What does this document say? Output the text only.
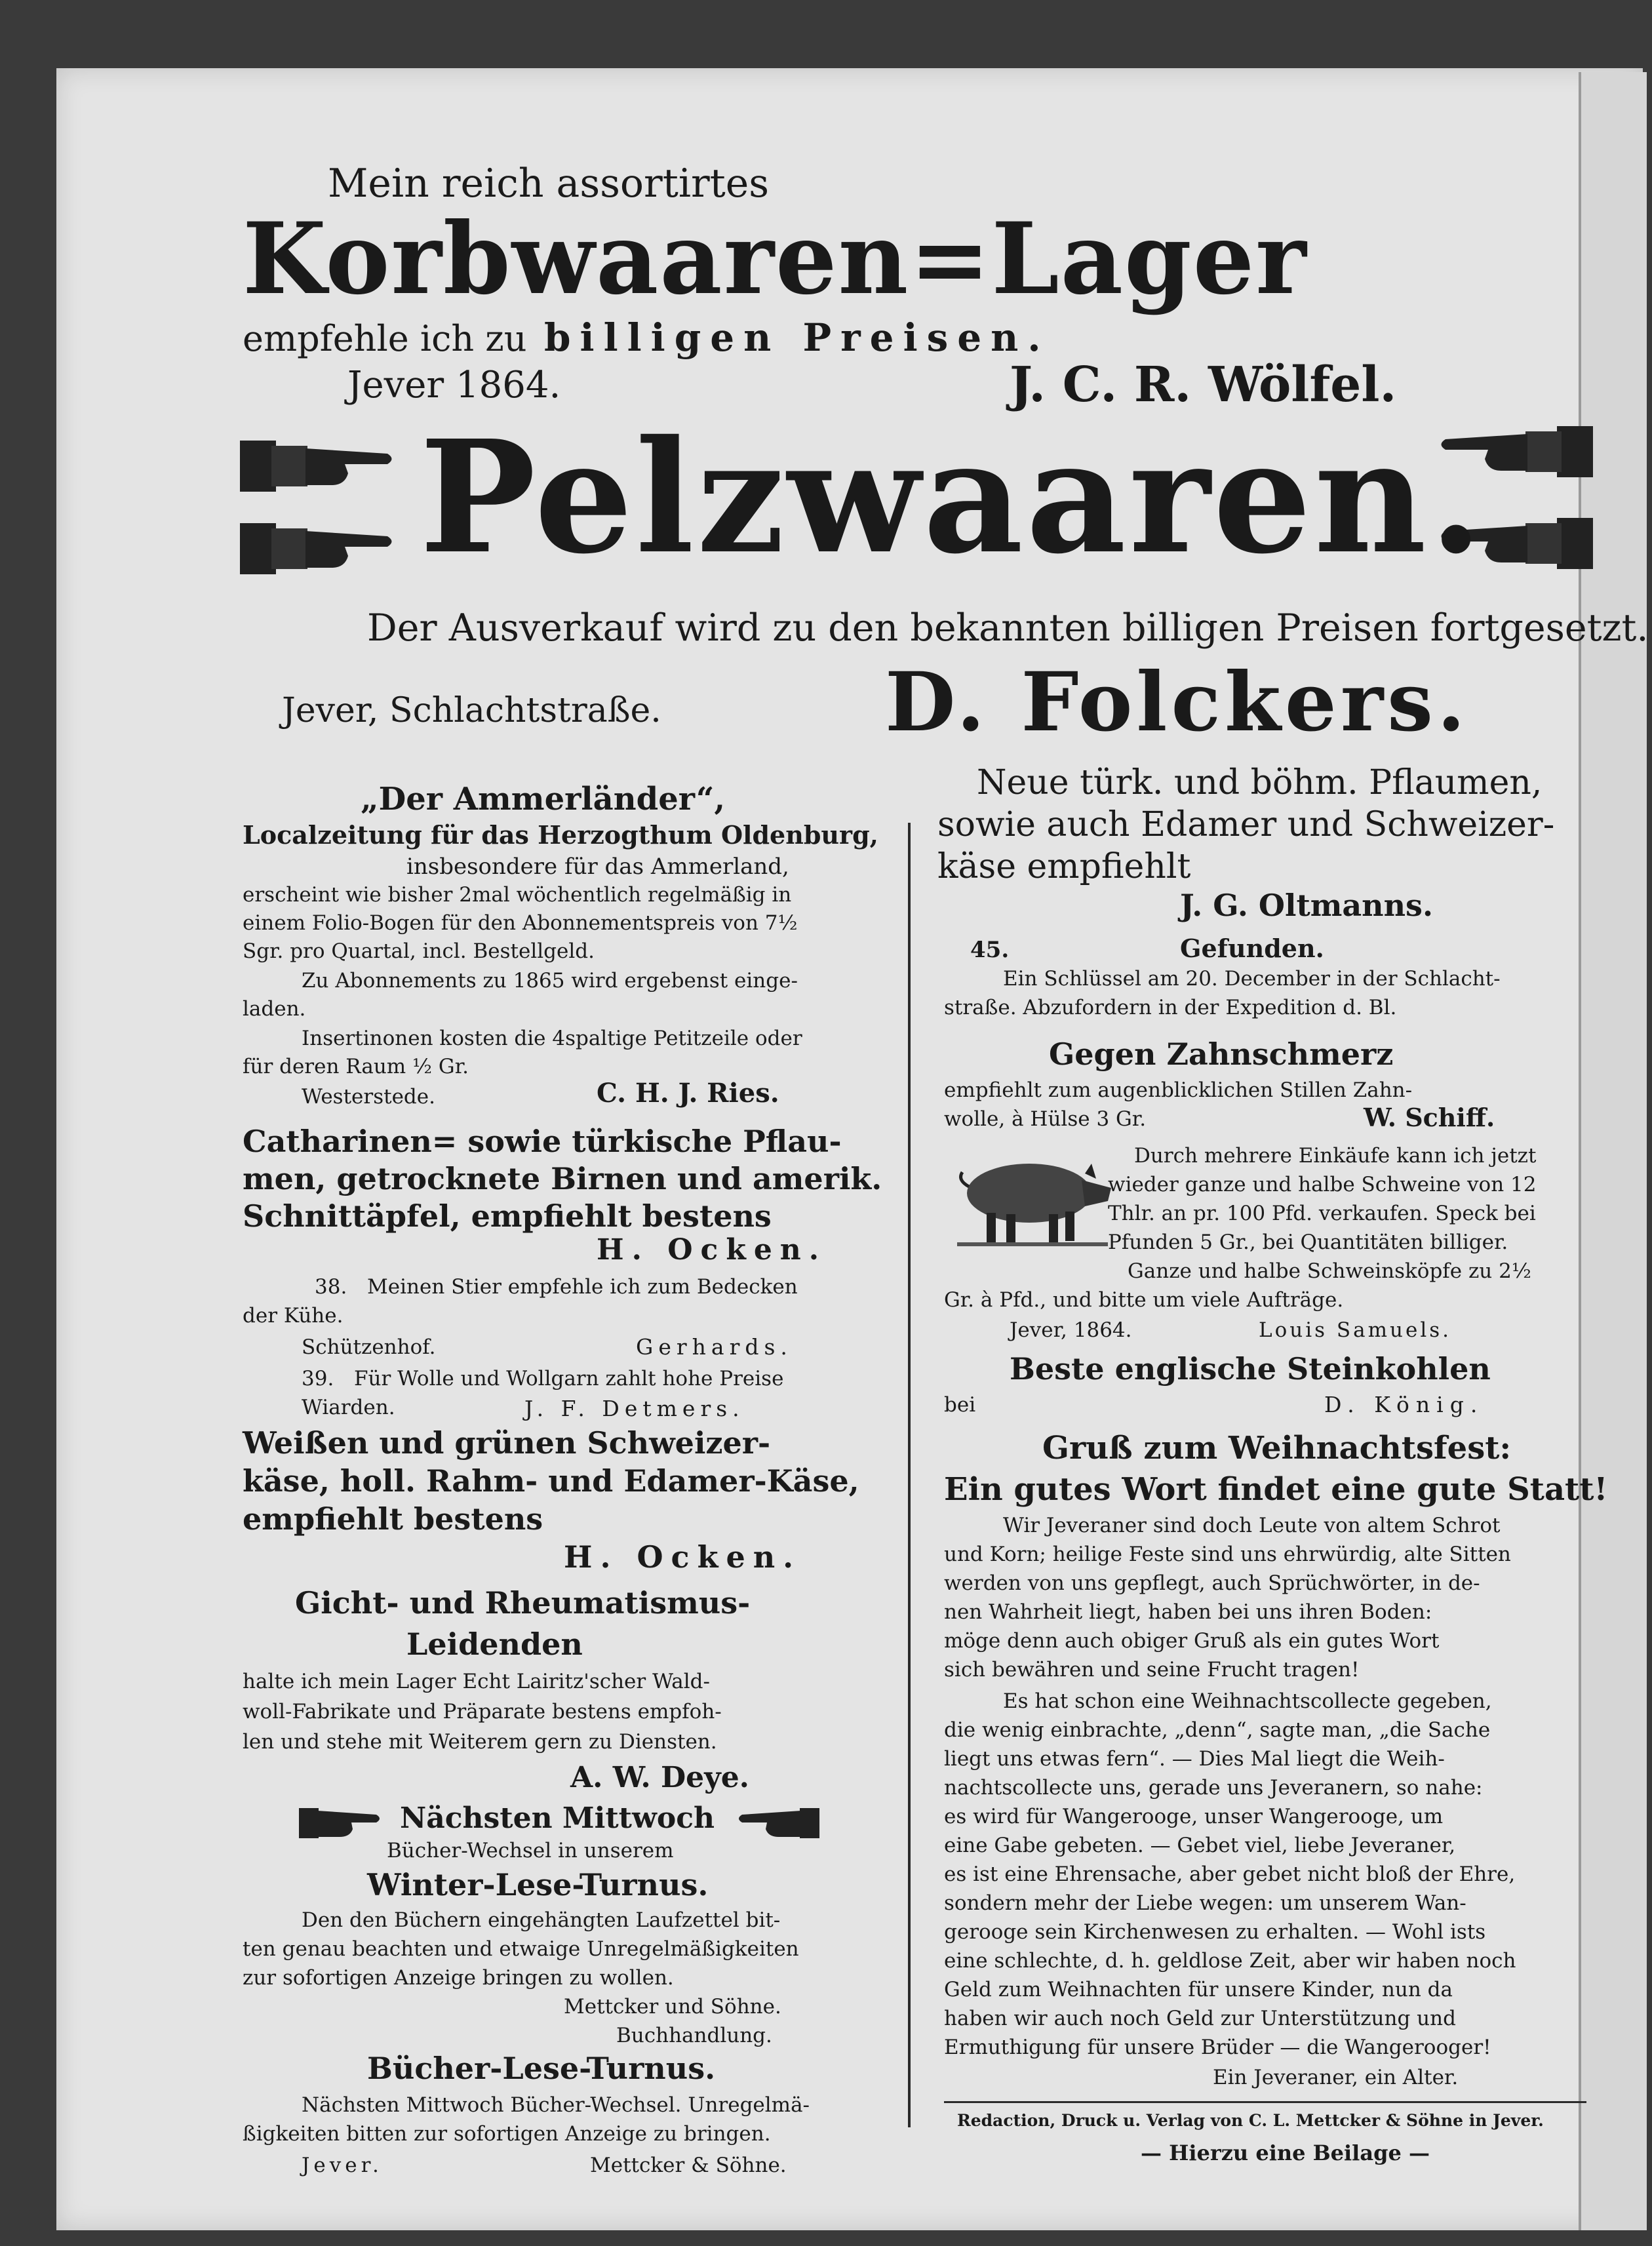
Mein reich assortirtes
Korbwaaren=Lager
empfehle ich zu billigen Preisen.
Jever 1864.	J. C. R. Wölfel.
Pelzwaaren.
Der Ausverkauf wird zu den bekannten billigen Preisen fortgesetzt.
Jever, Schlachtstraße.	D. Folckers.
„Der Ammerländer“,
Localzeitung für das Herzogthum Oldenburg,
insbesondere für das Ammerland,
erscheint wie bisher 2mal wöchentlich regelmäßig in
einem Folio-Bogen für den Abonnementspreis von 7½
Sgr. pro Quartal, incl. Bestellgeld.
Zu Abonnements zu 1865 wird ergebenst einge-
laden.
Insertinonen kosten die 4spaltige Petitzeile oder
für deren Raum ½ Gr.
Westerstede.	C. H. J. Ries.
Catharinen= sowie türkische Pflau-
men, getrocknete Birnen und amerik.
Schnittäpfel, empfiehlt bestens
H. Ocken.
38. Meinen Stier empfehle ich zum Bedecken
der Kühe.
Schützenhof.	Gerhards.
39. Für Wolle und Wollgarn zahlt hohe Preise
Wiarden.	J. F. Detmers.
Weißen und grünen Schweizer-
käse, holl. Rahm- und Edamer-Käse,
empfiehlt bestens
H. Ocken.
Gicht- und Rheumatismus-
Leidenden
halte ich mein Lager Echt Lairitz'scher Wald-
woll-Fabrikate und Präparate bestens empfoh-
len und stehe mit Weiterem gern zu Diensten.
A. W. Deye.
Nächsten Mittwoch
Bücher-Wechsel in unserem
Winter-Lese-Turnus.
Den den Büchern eingehängten Laufzettel bit-
ten genau beachten und etwaige Unregelmäßigkeiten
zur sofortigen Anzeige bringen zu wollen.
Mettcker und Söhne.
Buchhandlung.
Bücher-Lese-Turnus.
Nächsten Mittwoch Bücher-Wechsel. Unregelmä-
ßigkeiten bitten zur sofortigen Anzeige zu bringen.
Jever.	Mettcker & Söhne.
Neue türk. und böhm. Pflaumen,
sowie auch Edamer und Schweizer-
käse empfiehlt
J. G. Oltmanns.
45.	Gefunden.
Ein Schlüssel am 20. December in der Schlacht-
straße. Abzufordern in der Expedition d. Bl.
Gegen Zahnschmerz
empfiehlt zum augenblicklichen Stillen Zahn-
wolle, à Hülse 3 Gr.	W. Schiff.
Durch mehrere Einkäufe kann ich jetzt
wieder ganze und halbe Schweine von 12
Thlr. an pr. 100 Pfd. verkaufen. Speck bei
Pfunden 5 Gr., bei Quantitäten billiger.
Ganze und halbe Schweinsköpfe zu 2½
Gr. à Pfd., und bitte um viele Aufträge.
Jever, 1864.	Louis Samuels.
Beste englische Steinkohlen
bei	D. König.
Gruß zum Weihnachtsfest:
Ein gutes Wort findet eine gute Statt!
Wir Jeveraner sind doch Leute von altem Schrot
und Korn; heilige Feste sind uns ehrwürdig, alte Sitten
werden von uns gepflegt, auch Sprüchwörter, in de-
nen Wahrheit liegt, haben bei uns ihren Boden:
möge denn auch obiger Gruß als ein gutes Wort
sich bewähren und seine Frucht tragen!
Es hat schon eine Weihnachtscollecte gegeben,
die wenig einbrachte, „denn“, sagte man, „die Sache
liegt uns etwas fern“. — Dies Mal liegt die Weih-
nachtscollecte uns, gerade uns Jeveranern, so nahe:
es wird für Wangerooge, unser Wangerooge, um
eine Gabe gebeten. — Gebet viel, liebe Jeveraner,
es ist eine Ehrensache, aber gebet nicht bloß der Ehre,
sondern mehr der Liebe wegen: um unserem Wan-
gerooge sein Kirchenwesen zu erhalten. — Wohl ists
eine schlechte, d. h. geldlose Zeit, aber wir haben noch
Geld zum Weihnachten für unsere Kinder, nun da
haben wir auch noch Geld zur Unterstützung und
Ermuthigung für unsere Brüder — die Wangerooger!
Ein Jeveraner, ein Alter.
Redaction, Druck u. Verlag von C. L. Mettcker & Söhne in Jever.
— Hierzu eine Beilage —
